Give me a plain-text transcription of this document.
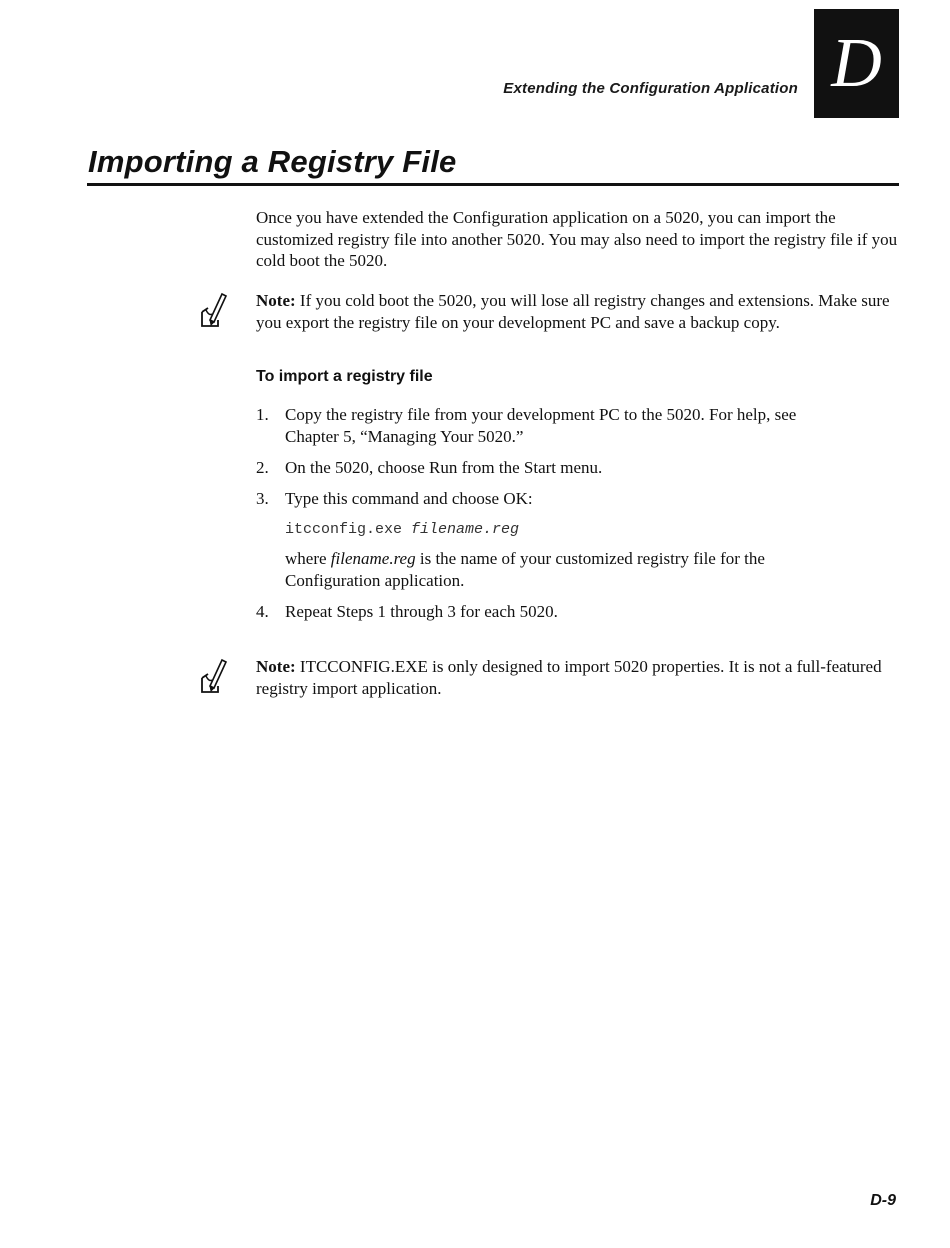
Extending the Configuration Application D
Importing a Registry File

Once you have extended the Configuration application on a 5020, you can import the customized registry file into another 5020. You may also need to import the registry file if you cold boot the 5020.

Note: If you cold boot the 5020, you will lose all registry changes and extensions. Make sure you export the registry file on your development PC and save a backup copy.

To import a registry file
1. Copy the registry file from your development PC to the 5020. For help, see Chapter 5, “Managing Your 5020.”

2. On the 5020, choose Run from the Start menu.

3. Type this command and choose OK:

itcconfig.exe filename.reg

where filename.reg is the name of your customized registry file for the Configuration application.

4. Repeat Steps 1 through 3 for each 5020.

Note: ITCCONFIG.EXE is only designed to import 5020 properties. It is not a full-featured registry import application.

D-9
